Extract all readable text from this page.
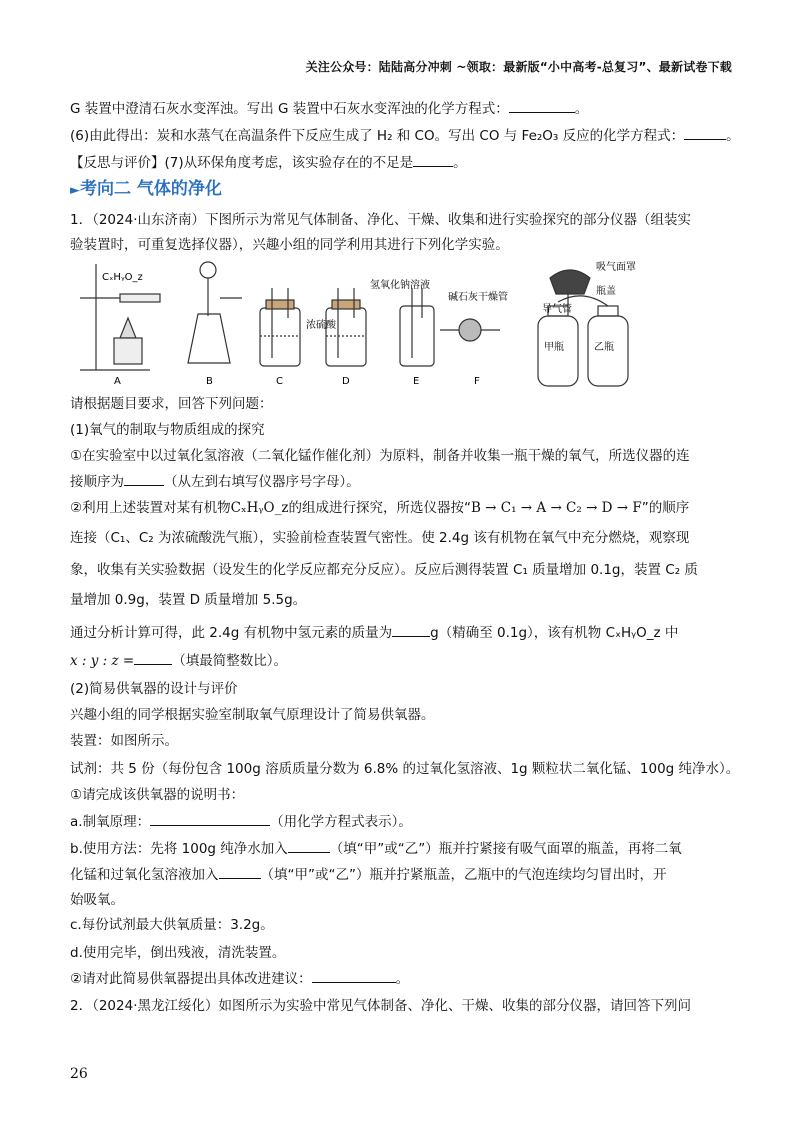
关注公众号：陆陆高分冲刺 ~领取：最新版“小中高考-总复习”、最新试卷下载
G 装置中澄清石灰水变浑浊。写出 G 装置中石灰水变浑浊的化学方程式：	。
(6)由此得出：炭和水蒸气在高温条件下反应生成了 H₂ 和 CO。写出 CO 与 Fe₂O₃ 反应的化学方程式：	。
【反思与评价】(7)从环保角度考虑，该实验存在的不足是	。
►考向二 气体的净化
1．（2024·山东济南）下图所示为常见气体制备、净化、干燥、收集和进行实验探究的部分仪器（组装实
验装置时，可重复选择仪器），兴趣小组的同学利用其进行下列化学实验。
CₓHᵧO_z
浓硫酸
氢氧化钠溶液
碱石灰干燥管
吸气面罩
瓶盖
导气管
甲瓶	乙瓶
A	B	C	D	E	F
请根据题目要求，回答下列问题：
(1)氧气的制取与物质组成的探究
①在实验室中以过氧化氢溶液（二氧化锰作催化剂）为原料，制备并收集一瓶干燥的氧气，所选仪器的连
接顺序为	（从左到右填写仪器序号字母）。
②利用上述装置对某有机物CₓHᵧO_z的组成进行探究，所选仪器按“B → C₁ → A → C₂ → D → F”的顺序
连接（C₁、C₂ 为浓硫酸洗气瓶），实验前检查装置气密性。使 2.4g 该有机物在氧气中充分燃烧，观察现
象，收集有关实验数据（设发生的化学反应都充分反应）。反应后测得装置 C₁ 质量增加 0.1g，装置 C₂ 质
量增加 0.9g，装置 D 质量增加 5.5g。
通过分析计算可得，此 2.4g 有机物中氢元素的质量为	g（精确至 0.1g），该有机物 CₓHᵧO_z 中
x : y : z =	（填最简整数比）。
(2)简易供氧器的设计与评价
兴趣小组的同学根据实验室制取氧气原理设计了简易供氧器。
装置：如图所示。
试剂：共 5 份（每份包含 100g 溶质质量分数为 6.8% 的过氧化氢溶液、1g 颗粒状二氧化锰、100g 纯净水）。
①请完成该供氧器的说明书：
a.制氧原理：	（用化学方程式表示）。
b.使用方法：先将 100g 纯净水加入	（填“甲”或“乙”）瓶并拧紧接有吸气面罩的瓶盖，再将二氧
化锰和过氧化氢溶液加入	（填“甲”或“乙”）瓶并拧紧瓶盖，乙瓶中的气泡连续均匀冒出时，开
始吸氧。
c.每份试剂最大供氧质量：3.2g。
d.使用完毕，倒出残液，清洗装置。
②请对此简易供氧器提出具体改进建议：	。
2．（2024·黑龙江绥化）如图所示为实验中常见气体制备、净化、干燥、收集的部分仪器，请回答下列问
26
